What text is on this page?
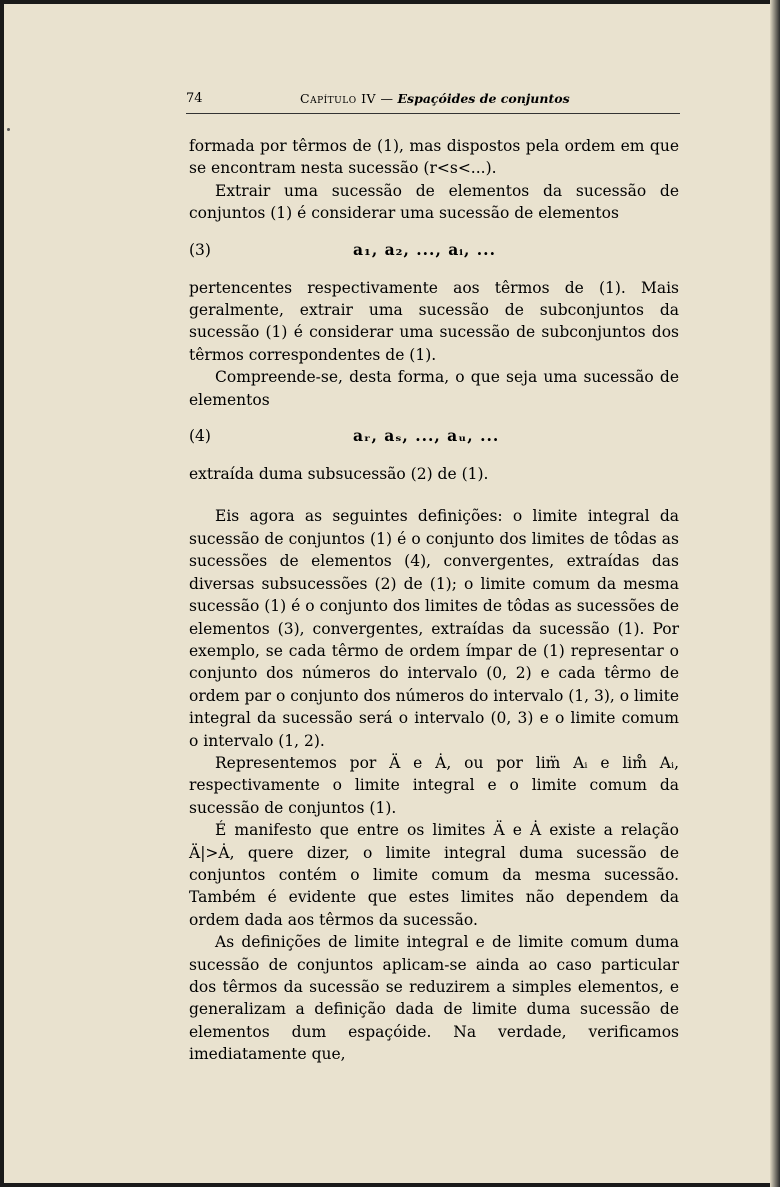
74	Capítulo IV — Espaçóides de conjuntos

formada por têrmos de (1), mas dispostos pela ordem em que se encontram nesta sucessão (r<s<...).

Extrair uma sucessão de elementos da sucessão de conjuntos (1) é considerar uma sucessão de elementos

(3)	a₁, a₂, ..., aᵢ, ...

pertencentes respectivamente aos têrmos de (1). Mais geralmente, extrair uma sucessão de subconjuntos da sucessão (1) é considerar uma sucessão de subconjuntos dos têrmos correspondentes de (1).

Compreende-se, desta forma, o que seja uma sucessão de elementos

(4)	aᵣ, aₛ, ..., aᵤ, ...

extraída duma subsucessão (2) de (1).

Eis agora as seguintes definições: o limite integral da sucessão de conjuntos (1) é o conjunto dos limites de tôdas as sucessões de elementos (4), convergentes, extraídas das diversas subsucessões (2) de (1); o limite comum da mesma sucessão (1) é o conjunto dos limites de tôdas as sucessões de elementos (3), convergentes, extraídas da sucessão (1). Por exemplo, se cada têrmo de ordem ímpar de (1) representar o conjunto dos números do intervalo (0, 2) e cada têrmo de ordem par o conjunto dos números do intervalo (1, 3), o limite integral da sucessão será o intervalo (0, 3) e o limite comum o intervalo (1, 2).

Representemos por Ä e Ȧ, ou por lim̈ Aᵢ e lim̊ Aᵢ, respectivamente o limite integral e o limite comum da sucessão de conjuntos (1).

É manifesto que entre os limites Ä e Ȧ existe a relação Ä|>Ȧ, quere dizer, o limite integral duma sucessão de conjuntos contém o limite comum da mesma sucessão. Também é evidente que estes limites não dependem da ordem dada aos têrmos da sucessão.

As definições de limite integral e de limite comum duma sucessão de conjuntos aplicam-se ainda ao caso particular dos têrmos da sucessão se reduzirem a simples elementos, e generalizam a definição dada de limite duma sucessão de elementos dum espaçóide. Na verdade, verificamos imediatamente que,
